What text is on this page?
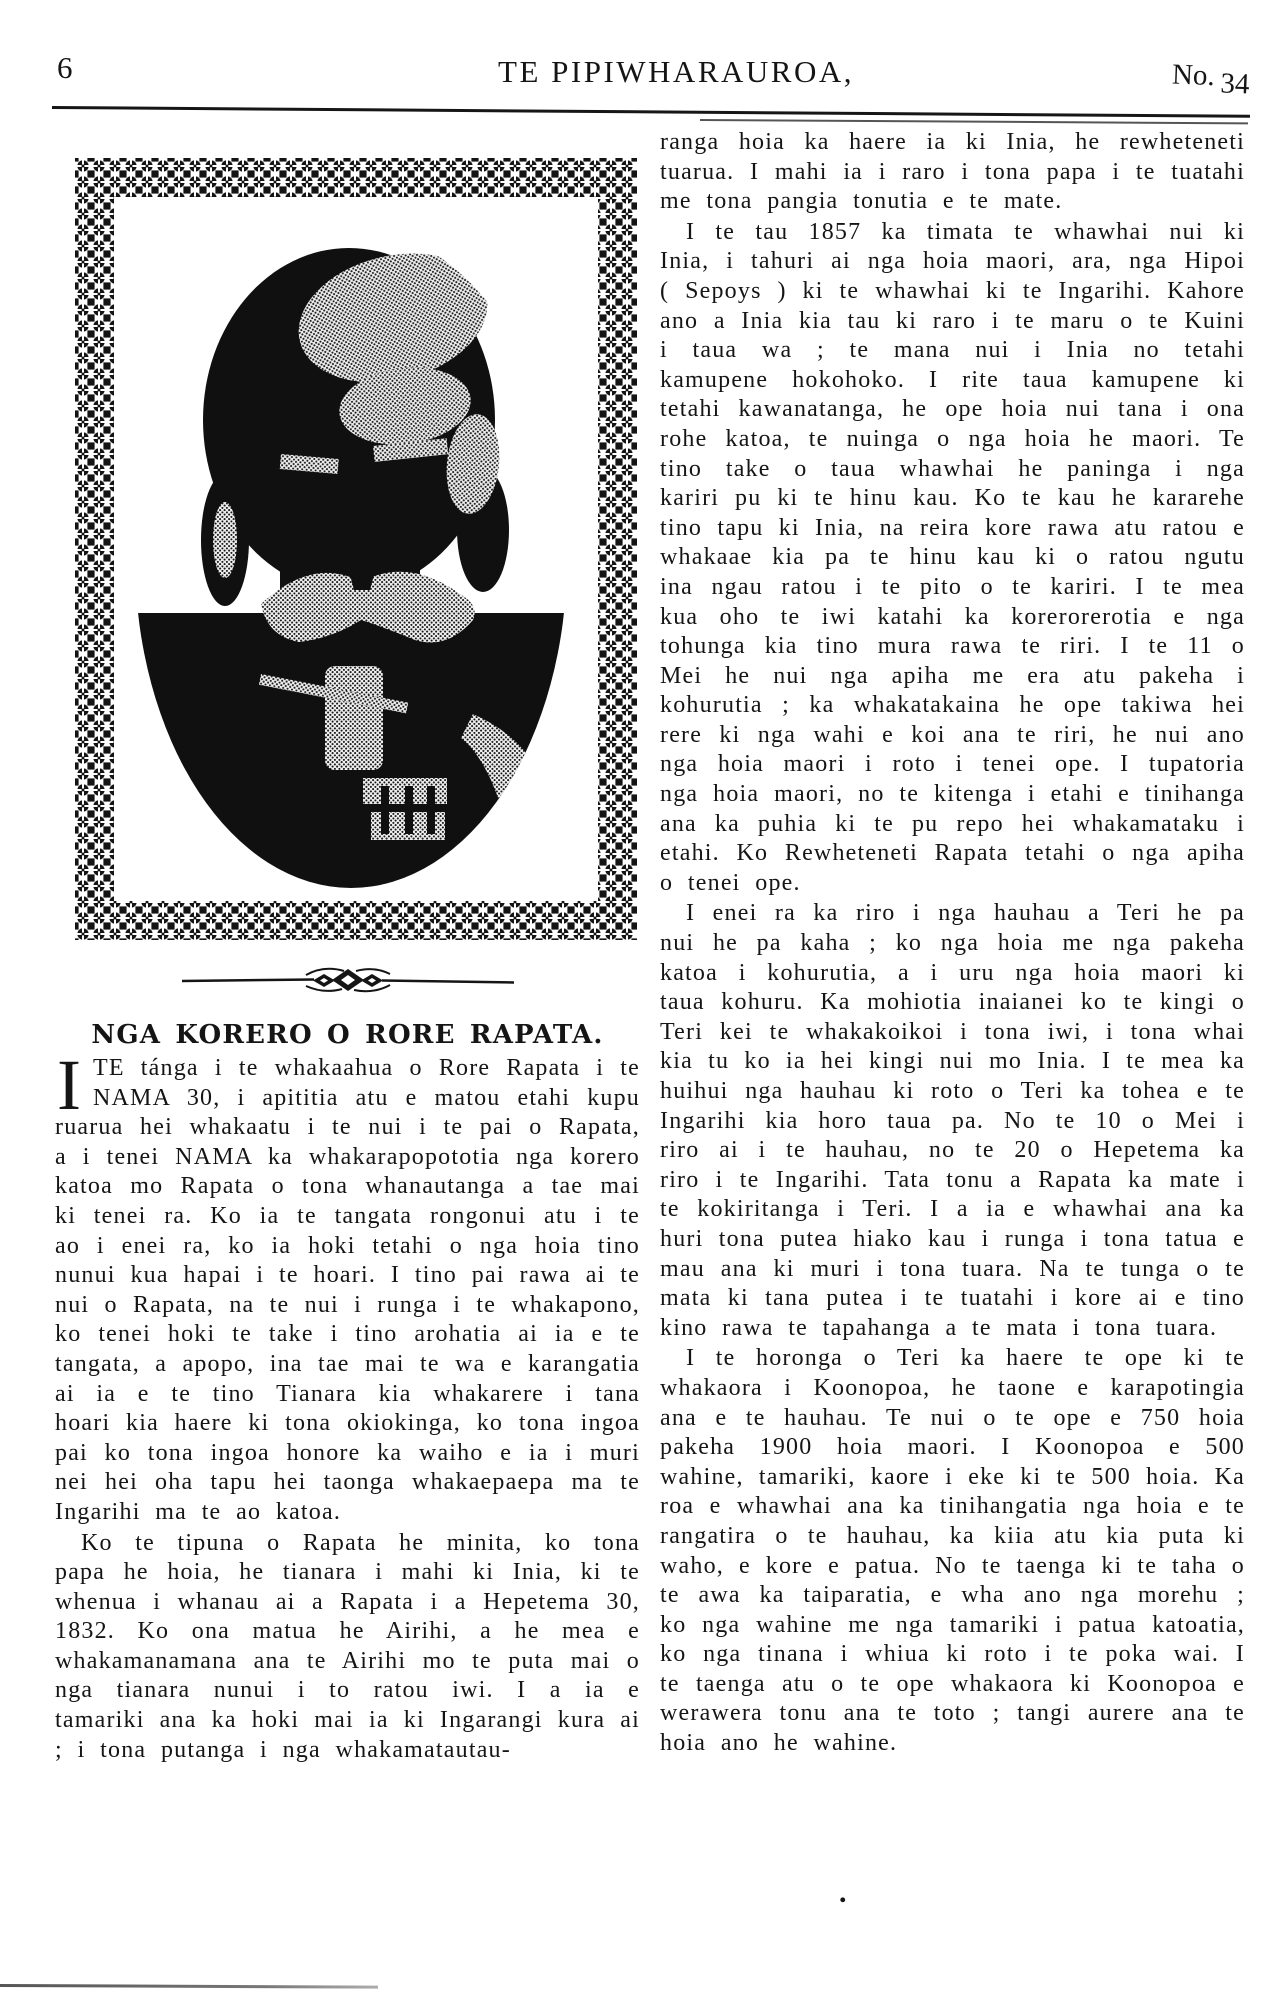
6	TE PIPIWHARAUROA,	No. 34
NGA KORERO O RORE RAPATA.

ITE tánga i te whakaahua o Rore Rapata i te NAMA 30, i apititia atu e matou etahi kupu ruarua hei whakaatu i te nui i te pai o Rapata, a i tenei NAMA ka whakarapopototia nga korero katoa mo Rapata o tona whanautanga a tae mai ki tenei ra. Ko ia te tangata rongonui atu i te ao i enei ra, ko ia hoki tetahi o nga hoia tino nunui kua hapai i te hoari. I tino pai rawa ai te nui o Rapata, na te nui i runga i te whakapono, ko tenei hoki te take i tino arohatia ai ia e te tangata, a apopo, ina tae mai te wa e karangatia ai ia e te tino Tianara kia whakarere i tana hoari kia haere ki tona okiokinga, ko tona ingoa pai ko tona ingoa honore ka waiho e ia i muri nei hei oha tapu hei taonga whakaepaepa ma te Ingarihi ma te ao katoa.

Ko te tipuna o Rapata he minita, ko tona papa he hoia, he tianara i mahi ki Inia, ki te whenua i whanau ai a Rapata i a Hepetema 30, 1832. Ko ona matua he Airihi, a he mea e whakamanamana ana te Airihi mo te puta mai o nga tianara nunui i to ratou iwi. I a ia e tamariki ana ka hoki mai ia ki Ingarangi kura ai ; i tona putanga i nga whakamatautau-

ranga hoia ka haere ia ki Inia, he rewheteneti tuarua. I mahi ia i raro i tona papa i te tuatahi me tona pangia tonutia e te mate.

I te tau 1857 ka timata te whawhai nui ki Inia, i tahuri ai nga hoia maori, ara, nga Hipoi ( Sepoys ) ki te whawhai ki te Ingarihi. Kahore ano a Inia kia tau ki raro i te maru o te Kuini i taua wa ; te mana nui i Inia no tetahi kamupene hokohoko. I rite taua kamupene ki tetahi kawanatanga, he ope hoia nui tana i ona rohe katoa, te nuinga o nga hoia he maori. Te tino take o taua whawhai he paninga i nga kariri pu ki te hinu kau. Ko te kau he kararehe tino tapu ki Inia, na reira kore rawa atu ratou e whakaae kia pa te hinu kau ki o ratou ngutu ina ngau ratou i te pito o te kariri. I te mea kua oho te iwi katahi ka korerorerotia e nga tohunga kia tino mura rawa te riri. I te 11 o Mei he nui nga apiha me era atu pakeha i kohurutia ; ka whakatakaina he ope takiwa hei rere ki nga wahi e koi ana te riri, he nui ano nga hoia maori i roto i tenei ope. I tupatoria nga hoia maori, no te kitenga i etahi e tinihanga ana ka puhia ki te pu repo hei whakamataku i etahi. Ko Rewheteneti Rapata tetahi o nga apiha o tenei ope.

I enei ra ka riro i nga hauhau a Teri he pa nui he pa kaha ; ko nga hoia me nga pakeha katoa i kohurutia, a i uru nga hoia maori ki taua kohuru. Ka mohiotia inaianei ko te kingi o Teri kei te whakakoikoi i tona iwi, i tona whai kia tu ko ia hei kingi nui mo Inia. I te mea ka huihui nga hauhau ki roto o Teri ka tohea e te Ingarihi kia horo taua pa. No te 10 o Mei i riro ai i te hauhau, no te 20 o Hepetema ka riro i te Ingarihi. Tata tonu a Rapata ka mate i te kokiritanga i Teri. I a ia e whawhai ana ka huri tona putea hiako kau i runga i tona tatua e mau ana ki muri i tona tuara. Na te tunga o te mata ki tana putea i te tuatahi i kore ai e tino kino rawa te tapahanga a te mata i tona tuara.

I te horonga o Teri ka haere te ope ki te whakaora i Koonopoa, he taone e karapotingia ana e te hauhau. Te nui o te ope e 750 hoia pakeha 1900 hoia maori. I Koonopoa e 500 wahine, tamariki, kaore i eke ki te 500 hoia. Ka roa e whawhai ana ka tinihangatia nga hoia e te rangatira o te hauhau, ka kiia atu kia puta ki waho, e kore e patua. No te taenga ki te taha o te awa ka taiparatia, e wha ano nga morehu ; ko nga wahine me nga tamariki i patua katoatia, ko nga tinana i whiua ki roto i te poka wai. I te taenga atu o te ope whakaora ki Koonopoa e werawera tonu ana te toto ; tangi aurere ana te hoia ano he wahine.

.
